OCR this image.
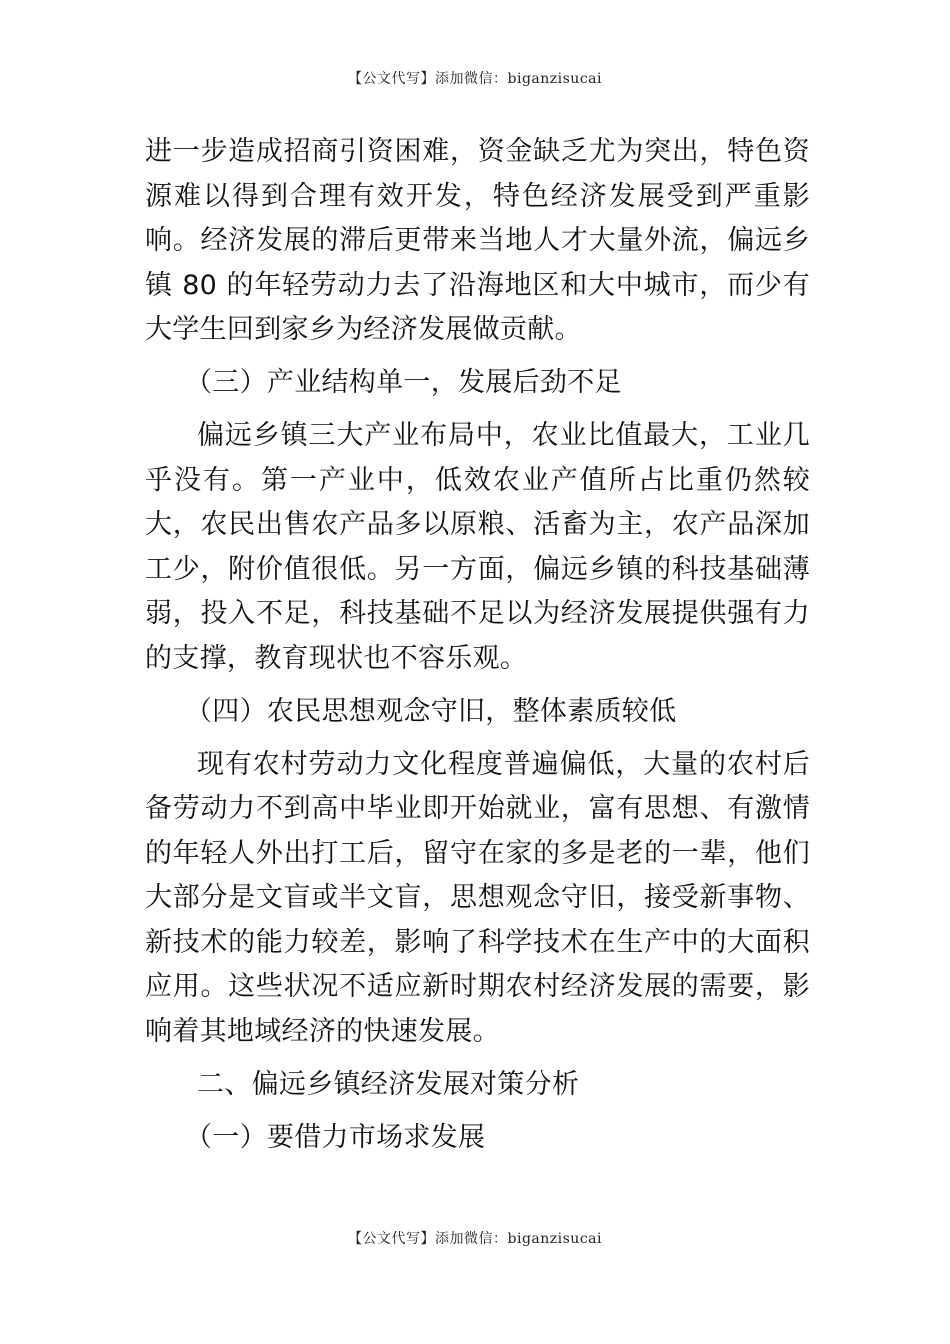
【公文代写】添加微信：biganzisucai

进一步造成招商引资困难，资金缺乏尤为突出，特色资源难以得到合理有效开发，特色经济发展受到严重影响。经济发展的滞后更带来当地人才大量外流，偏远乡镇 80 的年轻劳动力去了沿海地区和大中城市，而少有大学生回到家乡为经济发展做贡献。

（三）产业结构单一，发展后劲不足

偏远乡镇三大产业布局中，农业比值最大，工业几乎没有。第一产业中，低效农业产值所占比重仍然较大，农民出售农产品多以原粮、活畜为主，农产品深加工少，附价值很低。另一方面，偏远乡镇的科技基础薄弱，投入不足，科技基础不足以为经济发展提供强有力的支撑，教育现状也不容乐观。

（四）农民思想观念守旧，整体素质较低

现有农村劳动力文化程度普遍偏低，大量的农村后备劳动力不到高中毕业即开始就业，富有思想、有激情的年轻人外出打工后，留守在家的多是老的一辈，他们大部分是文盲或半文盲，思想观念守旧，接受新事物、新技术的能力较差，影响了科学技术在生产中的大面积应用。这些状况不适应新时期农村经济发展的需要，影响着其地域经济的快速发展。

二、偏远乡镇经济发展对策分析

（一）要借力市场求发展

【公文代写】添加微信：biganzisucai
